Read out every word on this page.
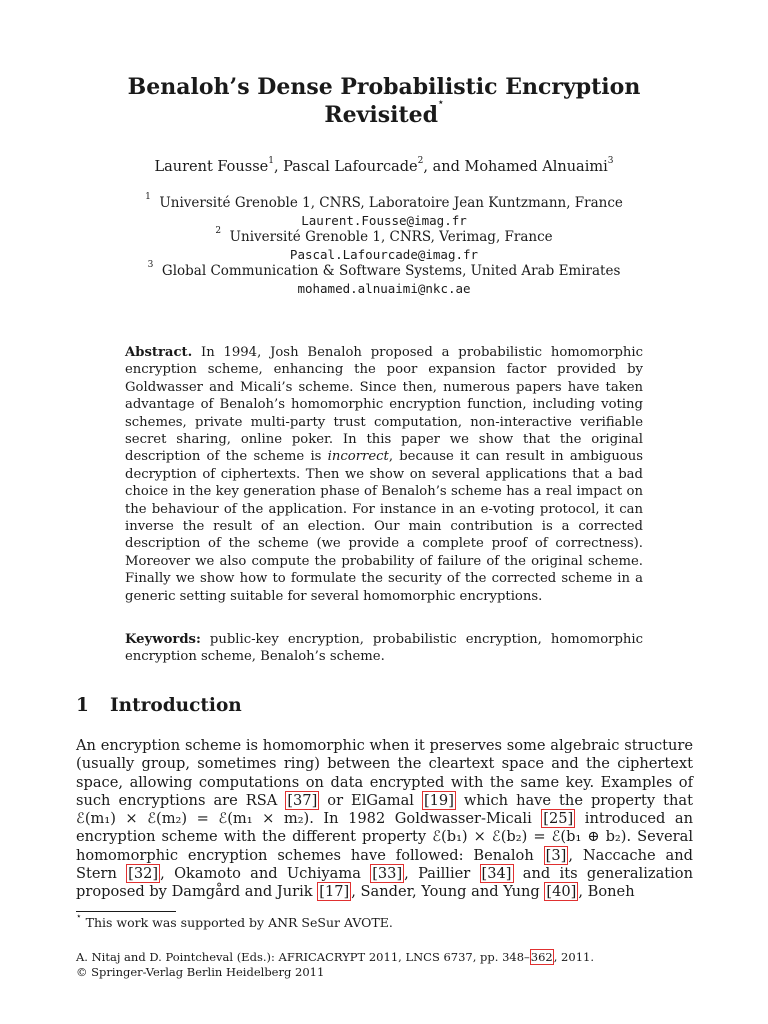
Benaloh’s Dense Probabilistic Encryption
Revisited⋆
Laurent Fousse$^1$, Pascal Lafourcade$^2$, and Mohamed Alnuaimi$^3$
$^1$ Université Grenoble 1, CNRS, Laboratoire Jean Kuntzmann, France
Laurent.Fousse@imag.fr
$^2$ Université Grenoble 1, CNRS, Verimag, France
Pascal.Lafourcade@imag.fr
$^3$ Global Communication & Software Systems, United Arab Emirates
mohamed.alnuaimi@nkc.ae

Abstract. In 1994, Josh Benaloh proposed a probabilistic homomorphic encryption scheme, enhancing the poor expansion factor provided by Goldwasser and Micali’s scheme. Since then, numerous papers have taken advantage of Benaloh’s homomorphic encryption function, including voting schemes, private multi-party trust computation, non-interactive verifiable secret sharing, online poker. In this paper we show that the original description of the scheme is incorrect, because it can result in ambiguous decryption of ciphertexts. Then we show on several applications that a bad choice in the key generation phase of Benaloh’s scheme has a real impact on the behaviour of the application. For instance in an e-voting protocol, it can inverse the result of an election. Our main contribution is a corrected description of the scheme (we provide a complete proof of correctness). Moreover we also compute the probability of failure of the original scheme. Finally we show how to formulate the security of the corrected scheme in a generic setting suitable for several homomorphic encryptions.

Keywords: public-key encryption, probabilistic encryption, homomorphic encryption scheme, Benaloh’s scheme.
1 Introduction

An encryption scheme is homomorphic when it preserves some algebraic structure (usually group, sometimes ring) between the cleartext space and the ciphertext space, allowing computations on data encrypted with the same key. Examples of such encryptions are RSA [37] or ElGamal [19] which have the property that ℰ(m₁) × ℰ(m₂) = ℰ(m₁ × m₂). In 1982 Goldwasser-Micali [25] introduced an encryption scheme with the different property ℰ(b₁) × ℰ(b₂) = ℰ(b₁ ⊕ b₂). Several homomorphic encryption schemes have followed: Benaloh [3] , Naccache and Stern [32] , Okamoto and Uchiyama [33] , Paillier [34] and its generalization proposed by Damgård and Jurik [17] , Sander, Young and Yung [40] , Boneh

⋆ This work was supported by ANR SeSur AVOTE.
A. Nitaj and D. Pointcheval (Eds.): AFRICACRYPT 2011, LNCS 6737, pp. 348–362, 2011.
© Springer-Verlag Berlin Heidelberg 2011
